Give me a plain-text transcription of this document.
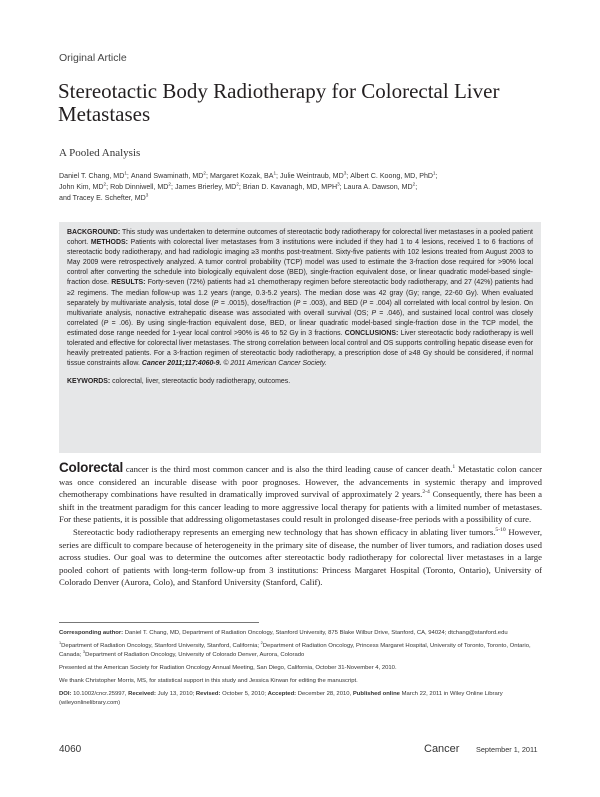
Original Article
Stereotactic Body Radiotherapy for Colorectal Liver Metastases
A Pooled Analysis
Daniel T. Chang, $MD^1$; Anand Swaminath, $MD^2$; Margaret Kozak, $BA^1$; Julie Weintraub, $MD^3$; Albert C. Koong, MD, PhD$^1$;
John Kim, $MD^2$; Rob Dinniwell, $MD^2$; James Brierley, $MD^2$; Brian D. Kavanagh, MD, MPH$^3$; Laura A. Dawson, $MD^2$;
and Tracey E. Schefter, $MD^3$

BACKGROUND: This study was undertaken to determine outcomes of stereotactic body radiotherapy for colorectal liver metastases in a pooled patient cohort. METHODS: Patients with colorectal liver metastases from 3 institutions were included if they had 1 to 4 lesions, received 1 to 6 fractions of stereotactic body radiotherapy, and had radiologic imaging ≥3 months post-treatment. Sixty-five patients with 102 lesions treated from August 2003 to May 2009 were retrospectively analyzed. A tumor control probability (TCP) model was used to estimate the 3-fraction dose required for >90% local control after converting the schedule into biologically equivalent dose (BED), single-fraction equivalent dose, or linear quadratic model-based single-fraction dose. RESULTS: Forty-seven (72%) patients had ≥1 chemotherapy regimen before stereotactic body radiotherapy, and 27 (42%) patients had ≥2 regimens. The median follow-up was 1.2 years (range, 0.3-5.2 years). The median dose was 42 gray (Gy; range, 22-60 Gy). When evaluated separately by multivariate analysis, total dose (P = .0015), dose/fraction (P = .003), and BED (P = .004) all correlated with local control by lesion. On multivariate analysis, nonactive extrahepatic disease was associated with overall survival (OS; P = .046), and sustained local control was closely correlated (P = .06). By using single-fraction equivalent dose, BED, or linear quadratic model-based single-fraction dose in the TCP model, the estimated dose range needed for 1-year local control >90% is 46 to 52 Gy in 3 fractions. CONCLUSIONS: Liver stereotactic body radiotherapy is well tolerated and effective for colorectal liver metastases. The strong correlation between local control and OS supports controlling hepatic disease even for heavily pretreated patients. For a 3-fraction regimen of stereotactic body radiotherapy, a prescription dose of ≥48 Gy should be considered, if normal tissue constraints allow. Cancer 2011;117:4060-9. © 2011 American Cancer Society.

KEYWORDS: colorectal, liver, stereotactic body radiotherapy, outcomes.

Colorectal cancer is the third most common cancer and is also the third leading cause of cancer death.$^1$ Metastatic colon cancer was once considered an incurable disease with poor prognoses. However, the advancements in systemic therapy and improved chemotherapy combinations have resulted in dramatically improved survival of approximately 2 years.$^{2-4}$ Consequently, there has been a shift in the treatment paradigm for this cancer leading to more aggressive local therapy for patients with a limited number of metastases. For these patients, it is possible that addressing oligometastases could result in prolonged disease-free periods with a possibility of cure.

Stereotactic body radiotherapy represents an emerging new technology that has shown efficacy in ablating liver tumors.$^{5-10}$ However, series are difficult to compare because of heterogeneity in the primary site of disease, the number of liver tumors, and radiation doses used across studies. Our goal was to determine the outcomes after stereotactic body radiotherapy for colorectal liver metastases in a large pooled cohort of patients with long-term follow-up from 3 institutions: Princess Margaret Hospital (Toronto, Ontario), University of Colorado Denver (Aurora, Colo), and Stanford University (Stanford, Calif).

Corresponding author: Daniel T. Chang, MD, Department of Radiation Oncology, Stanford University, 875 Blake Wilbur Drive, Stanford, CA, 94024; dtchang@stanford.edu

$^1$Department of Radiation Oncology, Stanford University, Stanford, California; $^2$Department of Radiation Oncology, Princess Margaret Hospital, University of Toronto, Toronto, Ontario, Canada; $^3$Department of Radiation Oncology, University of Colorado Denver, Aurora, Colorado

Presented at the American Society for Radiation Oncology Annual Meeting, San Diego, California, October 31-November 4, 2010.

We thank Christopher Morris, MS, for statistical support in this study and Jessica Kirwan for editing the manuscript.

DOI: 10.1002/cncr.25997, Received: July 13, 2010; Revised: October 5, 2010; Accepted: December 28, 2010, Published online March 22, 2011 in Wiley Online Library (wileyonlinelibrary.com)

4060	Cancer September 1, 2011
